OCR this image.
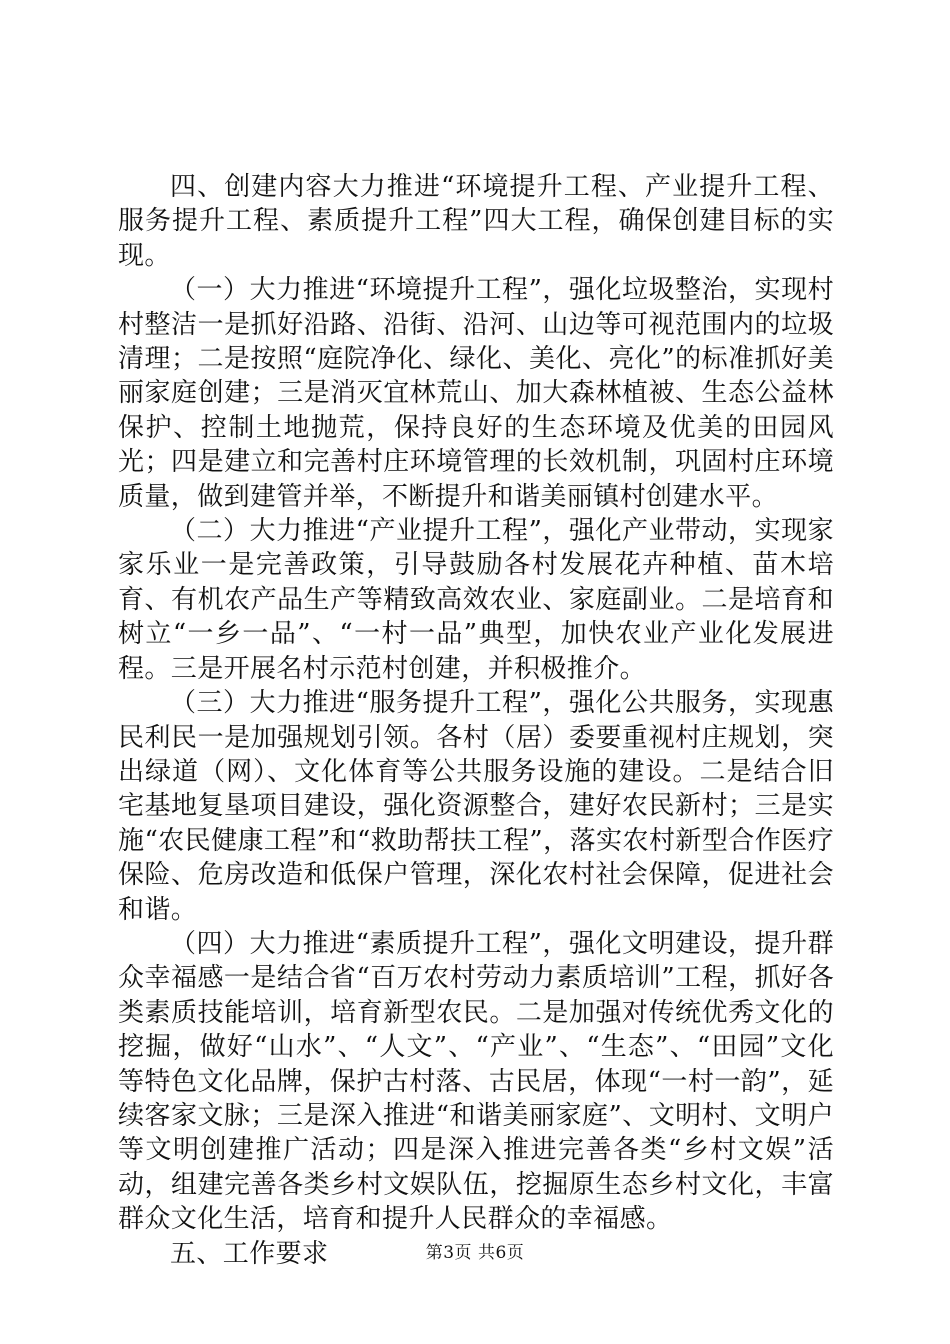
四、创建内容大力推进“环境提升工程、产业提升工程、服务提升工程、素质提升工程”四大工程，确保创建目标的实现。

（一）大力推进“环境提升工程”，强化垃圾整治，实现村村整洁一是抓好沿路、沿街、沿河、山边等可视范围内的垃圾清理；二是按照“庭院净化、绿化、美化、亮化”的标准抓好美丽家庭创建；三是消灭宜林荒山、加大森林植被、生态公益林保护、控制土地抛荒，保持良好的生态环境及优美的田园风光；四是建立和完善村庄环境管理的长效机制，巩固村庄环境质量，做到建管并举，不断提升和谐美丽镇村创建水平。

（二）大力推进“产业提升工程”，强化产业带动，实现家家乐业一是完善政策，引导鼓励各村发展花卉种植、苗木培育、有机农产品生产等精致高效农业、家庭副业。二是培育和树立“一乡一品”、“一村一品”典型，加快农业产业化发展进程。三是开展名村示范村创建，并积极推介。

（三）大力推进“服务提升工程”，强化公共服务，实现惠民利民一是加强规划引领。各村（居）委要重视村庄规划，突出绿道（网）、文化体育等公共服务设施的建设。二是结合旧宅基地复垦项目建设，强化资源整合，建好农民新村；三是实施“农民健康工程”和“救助帮扶工程”，落实农村新型合作医疗保险、危房改造和低保户管理，深化农村社会保障，促进社会和谐。

（四）大力推进“素质提升工程”，强化文明建设，提升群众幸福感一是结合省“百万农村劳动力素质培训”工程，抓好各类素质技能培训，培育新型农民。二是加强对传统优秀文化的挖掘，做好“山水”、“人文”、“产业”、“生态”、“田园”文化等特色文化品牌，保护古村落、古民居，体现“一村一韵”，延续客家文脉；三是深入推进“和谐美丽家庭”、文明村、文明户等文明创建推广活动；四是深入推进完善各类“乡村文娱”活动，组建完善各类乡村文娱队伍，挖掘原生态乡村文化，丰富群众文化生活，培育和提升人民群众的幸福感。

五、工作要求	第3页 共6页
